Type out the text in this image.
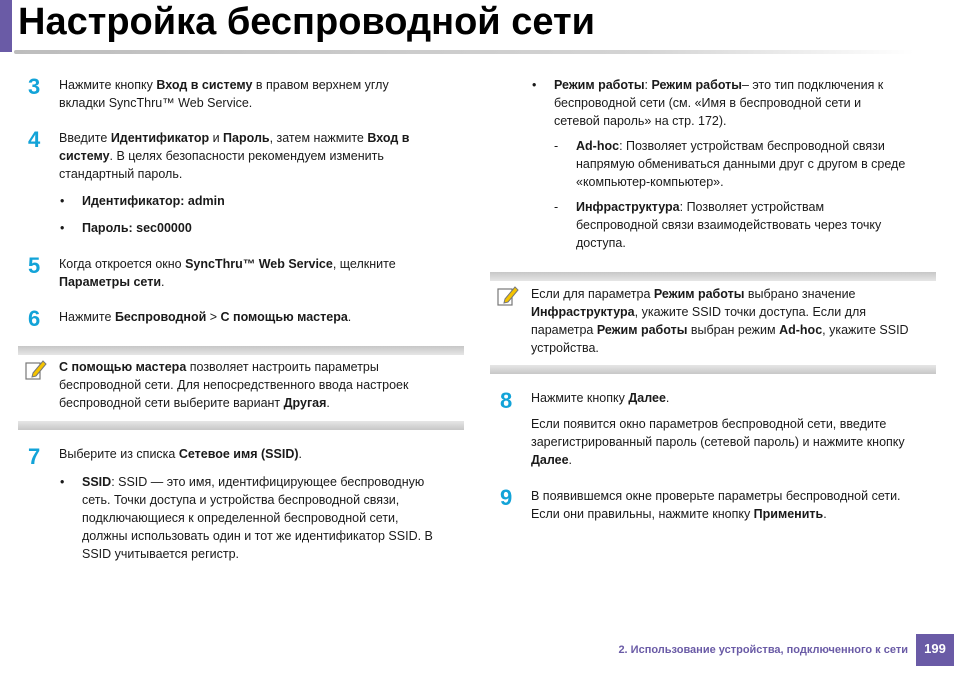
Настройка беспроводной сети
3 Нажмите кнопку Вход в систему в правом верхнем углу
вкладки SyncThru™ Web Service.
4 Введите Идентификатор и Пароль, затем нажмите Вход в
систему. В целях безопасности рекомендуем изменить
стандартный пароль.
• Идентификатор: admin
• Пароль: sec00000
5 Когда откроется окно SyncThru™ Web Service, щелкните
Параметры сети.
6 Нажмите Беспроводной > С помощью мастера.
С помощью мастера позволяет настроить параметры
беспроводной сети. Для непосредственного ввода настроек
беспроводной сети выберите вариант Другая.
7 Выберите из списка Сетевое имя (SSID).
• SSID: SSID — это имя, идентифицирующее беспроводную
сеть. Точки доступа и устройства беспроводной связи,
подключающиеся к определенной беспроводной сети,
должны использовать один и тот же идентификатор SSID. В
SSID учитывается регистр.
• Режим работы: Режим работы– это тип подключения к
беспроводной сети (см. «Имя в беспроводной сети и
сетевой пароль» на стр. 172).
- Ad-hoc: Позволяет устройствам беспроводной связи
напрямую обмениваться данными друг с другом в среде
«компьютер-компьютер».
- Инфраструктура: Позволяет устройствам
беспроводной связи взаимодействовать через точку
доступа.
Если для параметра Режим работы выбрано значение
Инфраструктура, укажите SSID точки доступа. Если для
параметра Режим работы выбран режим Ad-hoc, укажите SSID
устройства.
8 Нажмите кнопку Далее.
Если появится окно параметров беспроводной сети, введите
зарегистрированный пароль (сетевой пароль) и нажмите кнопку
Далее.
9 В появившемся окне проверьте параметры беспроводной сети.
Если они правильны, нажмите кнопку Применить.
2. Использование устройства, подключенного к сети	199
